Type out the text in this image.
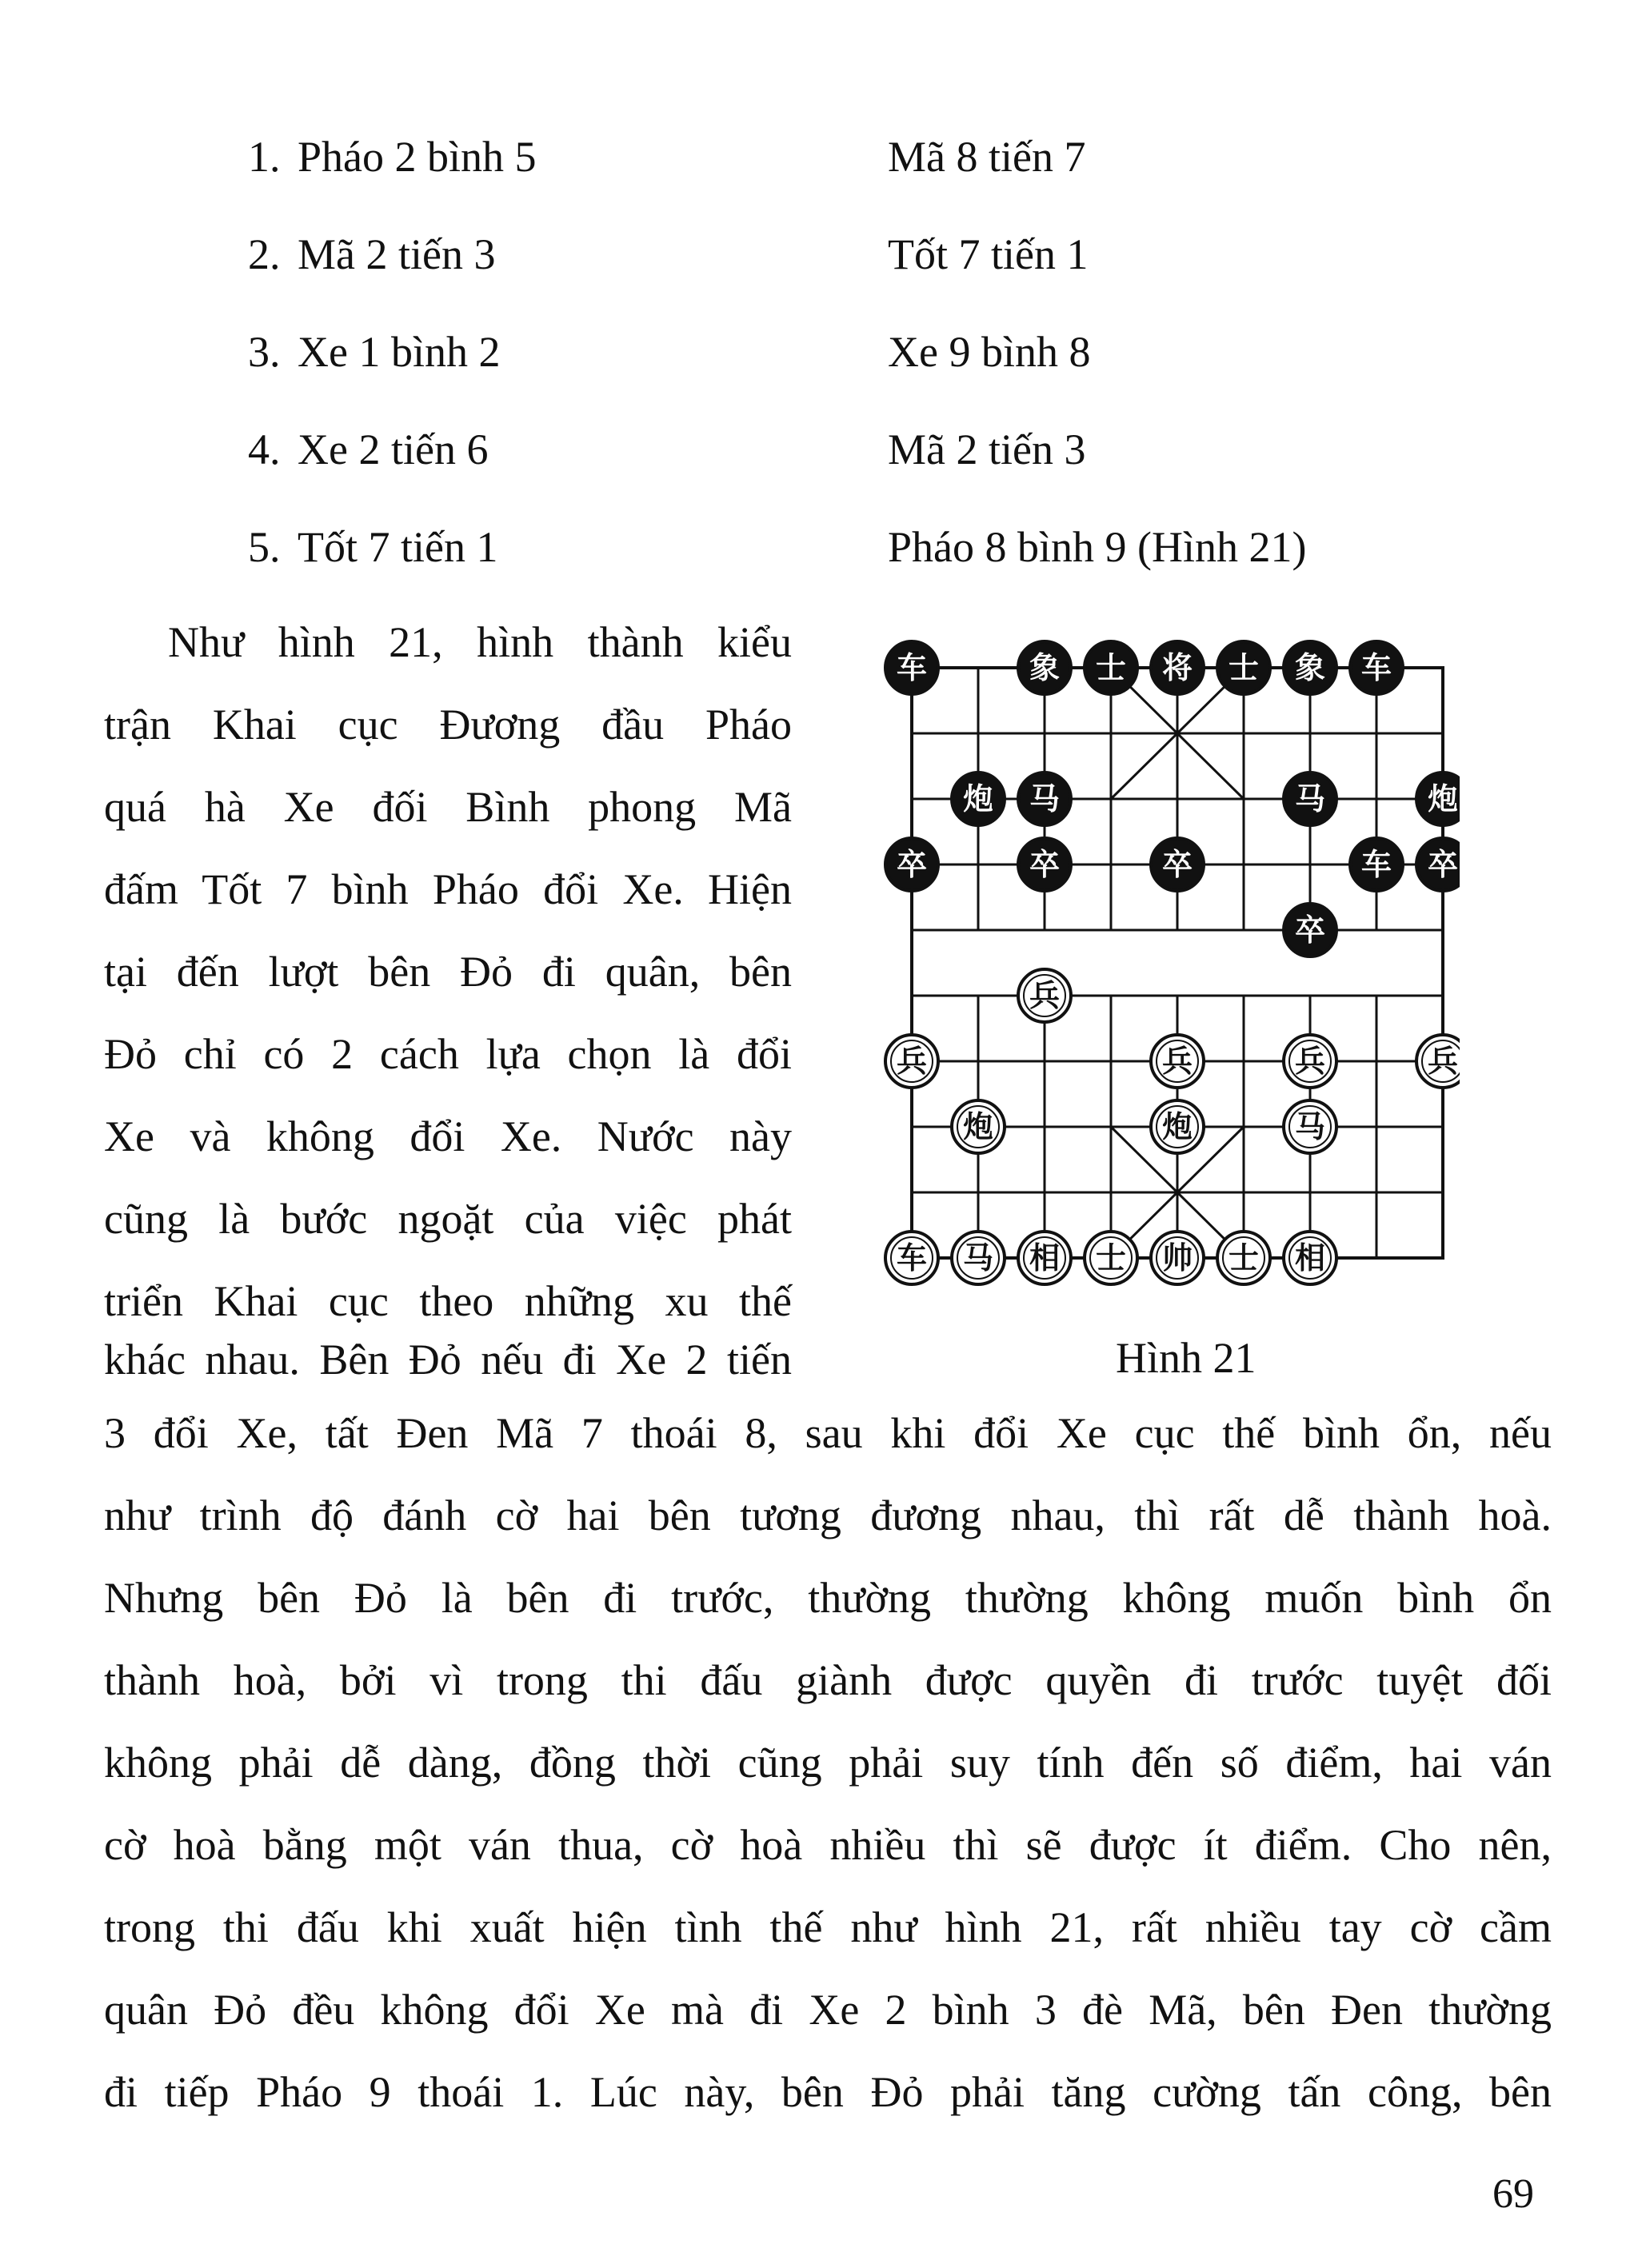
1. Pháo 2 bình 5	Mã 8 tiến 7
2. Mã 2 tiến 3	Tốt 7 tiến 1
3. Xe 1 bình 2	Xe 9 bình 8
4. Xe 2 tiến 6	Mã 2 tiến 3
5. Tốt 7 tiến 1	Pháo 8 bình 9 (Hình 21)
Như hình 21, hình thành kiểu
trận Khai cục Đương đầu Pháo
quá hà Xe đối Bình phong Mã
đấm Tốt 7 bình Pháo đổi Xe. Hiện
tại đến lượt bên Đỏ đi quân, bên
Đỏ chỉ có 2 cách lựa chọn là đổi
Xe và không đổi Xe. Nước này
cũng là bước ngoặt của việc phát
triển Khai cục theo những xu thế
khác nhau. Bên Đỏ nếu đi Xe 2 tiến
车	象 士 将 士 象 车
炮 马	马	炮
卒	卒	卒	车 卒
卒
兵
兵	兵	兵	兵
炮	炮	马
车 马 相 士 帅 士 相
Hình 21
3 đổi Xe, tất Đen Mã 7 thoái 8, sau khi đổi Xe cục thế bình ổn, nếu
như trình độ đánh cờ hai bên tương đương nhau, thì rất dễ thành hoà.
Nhưng bên Đỏ là bên đi trước, thường thường không muốn bình ổn
thành hoà, bởi vì trong thi đấu giành được quyền đi trước tuyệt đối
không phải dễ dàng, đồng thời cũng phải suy tính đến số điểm, hai ván
cờ hoà bằng một ván thua, cờ hoà nhiều thì sẽ được ít điểm. Cho nên,
trong thi đấu khi xuất hiện tình thế như hình 21, rất nhiều tay cờ cầm
quân Đỏ đều không đổi Xe mà đi Xe 2 bình 3 đè Mã, bên Đen thường
đi tiếp Pháo 9 thoái 1. Lúc này, bên Đỏ phải tăng cường tấn công, bên
69
